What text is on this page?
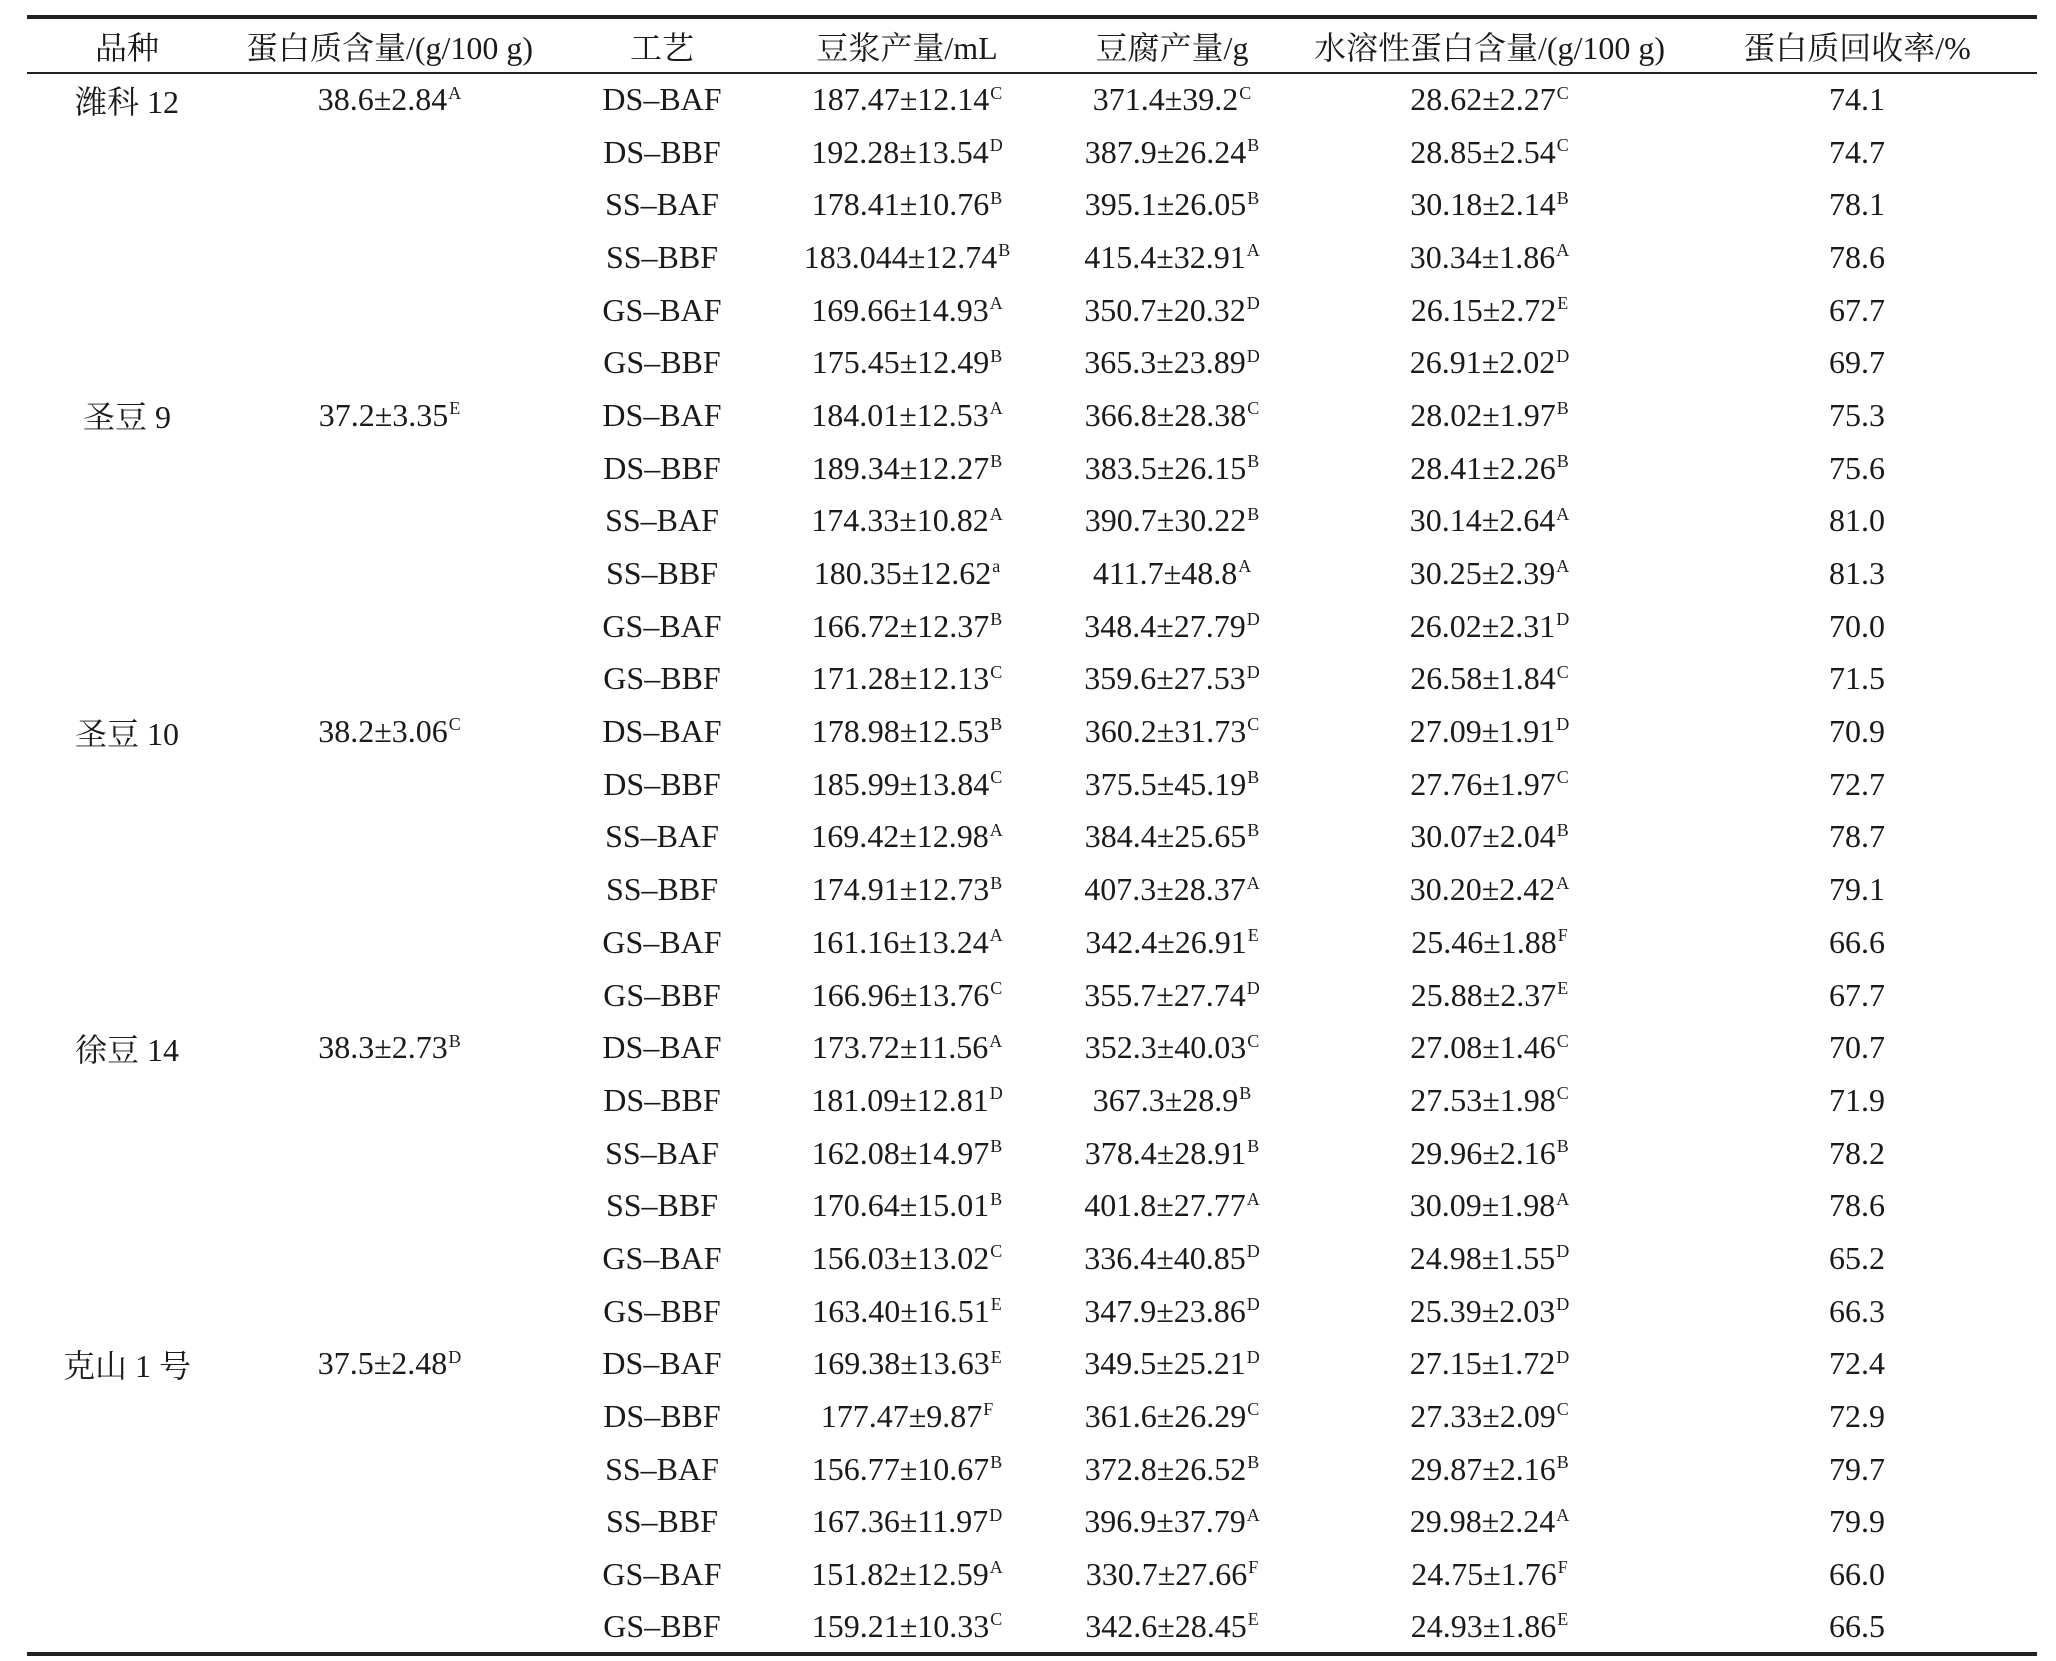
品种	蛋白质含量/(g/100 g)	工艺	豆浆产量/mL	豆腐产量/g	水溶性蛋白含量/(g/100 g)	蛋白质回收率/%
潍科 12	$38.6\pm 2.84^A$	DS–BAF	$187.47\pm 12.14^C$	$371.4\pm 39.2^C$	$28.62\pm 2.27^C$	74.1
		DS–BBF	$192.28\pm 13.54^D$	$387.9\pm 26.24^B$	$28.85\pm 2.54^C$	74.7
		SS–BAF	$178.41\pm 10.76^B$	$395.1\pm 26.05^B$	$30.18\pm 2.14^B$	78.1
		SS–BBF	$183.044\pm 12.74^B$	$415.4\pm 32.91^A$	$30.34\pm 1.86^A$	78.6
		GS–BAF	$169.66\pm 14.93^A$	$350.7\pm 20.32^D$	$26.15\pm 2.72^E$	67.7
		GS–BBF	$175.45\pm 12.49^B$	$365.3\pm 23.89^D$	$26.91\pm 2.02^D$	69.7
圣豆 9	$37.2\pm 3.35^E$	DS–BAF	$184.01\pm 12.53^A$	$366.8\pm 28.38^C$	$28.02\pm 1.97^B$	75.3
		DS–BBF	$189.34\pm 12.27^B$	$383.5\pm 26.15^B$	$28.41\pm 2.26^B$	75.6
		SS–BAF	$174.33\pm 10.82^A$	$390.7\pm 30.22^B$	$30.14\pm 2.64^A$	81.0
		SS–BBF	180.35±12.62$^a$	$411.7\pm 48.8^A$	$30.25\pm 2.39^A$	81.3
		GS–BAF	$166.72\pm 12.37^B$	$348.4\pm 27.79^D$	$26.02\pm 2.31^D$	70.0
		GS–BBF	$171.28\pm 12.13^C$	$359.6\pm 27.53^D$	$26.58\pm 1.84^C$	71.5
圣豆 10	$38.2\pm 3.06^C$	DS–BAF	$178.98\pm 12.53^B$	$360.2\pm 31.73^C$	$27.09\pm 1.91^D$	70.9
		DS–BBF	$185.99\pm 13.84^C$	$375.5\pm 45.19^B$	$27.76\pm 1.97^C$	72.7
		SS–BAF	$169.42\pm 12.98^A$	$384.4\pm 25.65^B$	$30.07\pm 2.04^B$	78.7
		SS–BBF	$174.91\pm 12.73^B$	$407.3\pm 28.37^A$	$30.20\pm 2.42^A$	79.1
		GS–BAF	$161.16\pm 13.24^A$	$342.4\pm 26.91^E$	$25.46\pm 1.88^F$	66.6
		GS–BBF	$166.96\pm 13.76^C$	$355.7\pm 27.74^D$	$25.88\pm 2.37^E$	67.7
徐豆 14	$38.3\pm 2.73^B$	DS–BAF	$173.72\pm 11.56^A$	$352.3\pm 40.03^C$	$27.08\pm 1.46^C$	70.7
		DS–BBF	$181.09\pm 12.81^D$	$367.3\pm 28.9^B$	$27.53\pm 1.98^C$	71.9
		SS–BAF	$162.08\pm 14.97^B$	$378.4\pm 28.91^B$	$29.96\pm 2.16^B$	78.2
		SS–BBF	$170.64\pm 15.01^B$	$401.8\pm 27.77^A$	$30.09\pm 1.98^A$	78.6
		GS–BAF	$156.03\pm 13.02^C$	$336.4\pm 40.85^D$	$24.98\pm 1.55^D$	65.2
		GS–BBF	$163.40\pm 16.51^E$	$347.9\pm 23.86^D$	$25.39\pm 2.03^D$	66.3
克山 1 号	$37.5\pm 2.48^D$	DS–BAF	$169.38\pm 13.63^E$	$349.5\pm 25.21^D$	$27.15\pm 1.72^D$	72.4
		DS–BBF	$177.47\pm 9.87^F$	$361.6\pm 26.29^C$	$27.33\pm 2.09^C$	72.9
		SS–BAF	$156.77\pm 10.67^B$	$372.8\pm 26.52^B$	$29.87\pm 2.16^B$	79.7
		SS–BBF	$167.36\pm 11.97^D$	$396.9\pm 37.79^A$	$29.98\pm 2.24^A$	79.9
		GS–BAF	$151.82\pm 12.59^A$	$330.7\pm 27.66^F$	$24.75\pm 1.76^F$	66.0
		GS–BBF	$159.21\pm 10.33^C$	$342.6\pm 28.45^E$	$24.93\pm 1.86^E$	66.5
